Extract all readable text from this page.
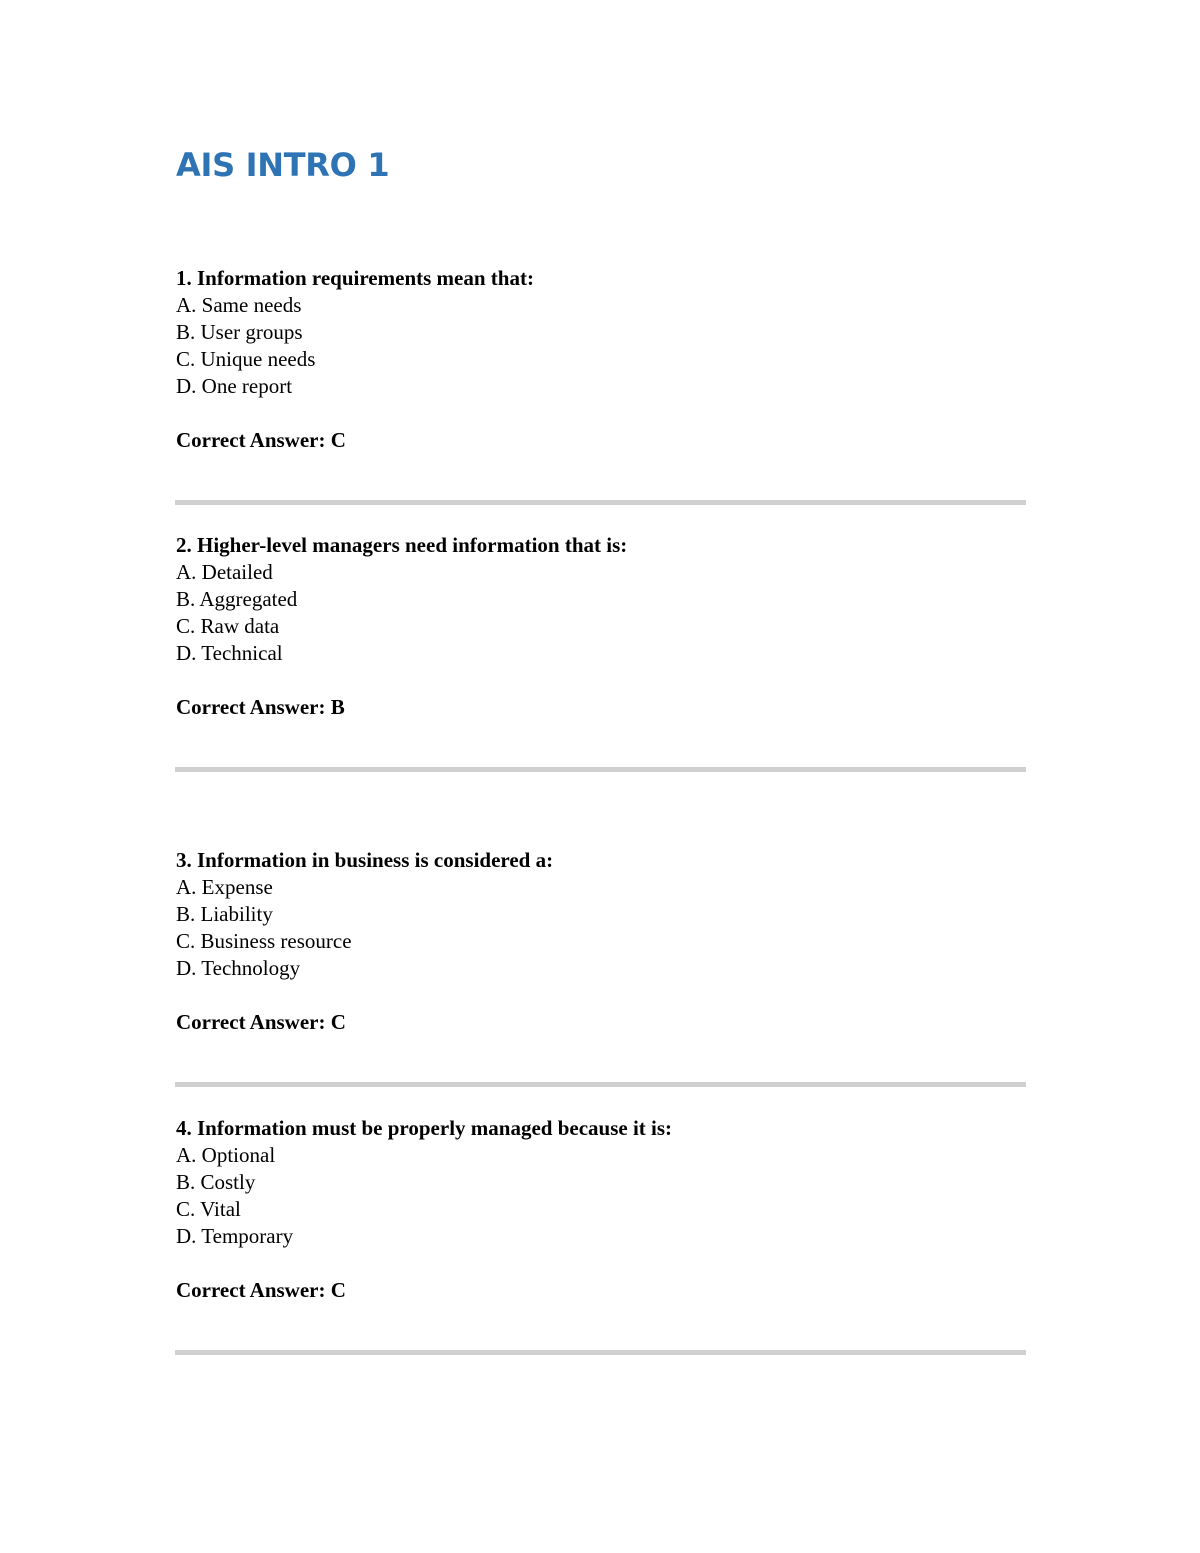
AIS INTRO 1

1. Information requirements mean that:

A. Same needs
B. User groups
C. Unique needs
D. One report
Correct Answer: C

2. Higher-level managers need information that is:

A. Detailed
B. Aggregated
C. Raw data
D. Technical
Correct Answer: B

3. Information in business is considered a:

A. Expense
B. Liability
C. Business resource
D. Technology
Correct Answer: C

4. Information must be properly managed because it is:

A. Optional
B. Costly
C. Vital
D. Temporary
Correct Answer: C
